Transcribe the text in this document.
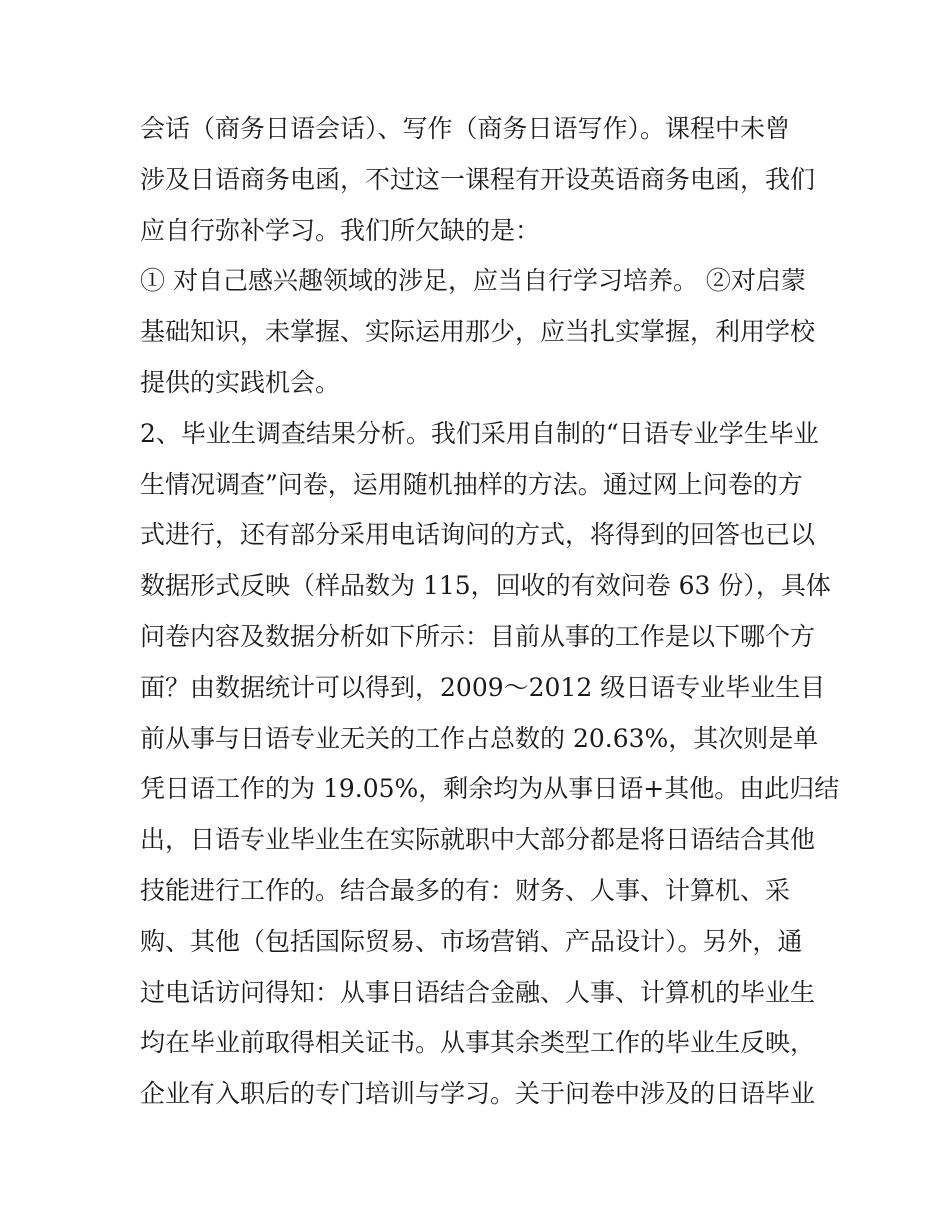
会话（商务日语会话）、写作（商务日语写作）。课程中未曾
涉及日语商务电函，不过这一课程有开设英语商务电函，我们
应自行弥补学习。我们所欠缺的是：
① 对自己感兴趣领域的涉足，应当自行学习培养。 ②对启蒙
基础知识，未掌握、实际运用那少，应当扎实掌握，利用学校
提供的实践机会。
2、毕业生调查结果分析。我们采用自制的“日语专业学生毕业
生情况调查”问卷，运用随机抽样的方法。通过网上问卷的方
式进行，还有部分采用电话询问的方式，将得到的回答也已以
数据形式反映（样品数为 115，回收的有效问卷 63 份），具体
问卷内容及数据分析如下所示：目前从事的工作是以下哪个方
面？由数据统计可以得到，2009～2012 级日语专业毕业生目
前从事与日语专业无关的工作占总数的 20.63%，其次则是单
凭日语工作的为 19.05%，剩余均为从事日语+其他。由此归结
出，日语专业毕业生在实际就职中大部分都是将日语结合其他
技能进行工作的。结合最多的有：财务、人事、计算机、采
购、其他（包括国际贸易、市场营销、产品设计）。另外，通
过电话访问得知：从事日语结合金融、人事、计算机的毕业生
均在毕业前取得相关证书。从事其余类型工作的毕业生反映，
企业有入职后的专门培训与学习。关于问卷中涉及的日语毕业
